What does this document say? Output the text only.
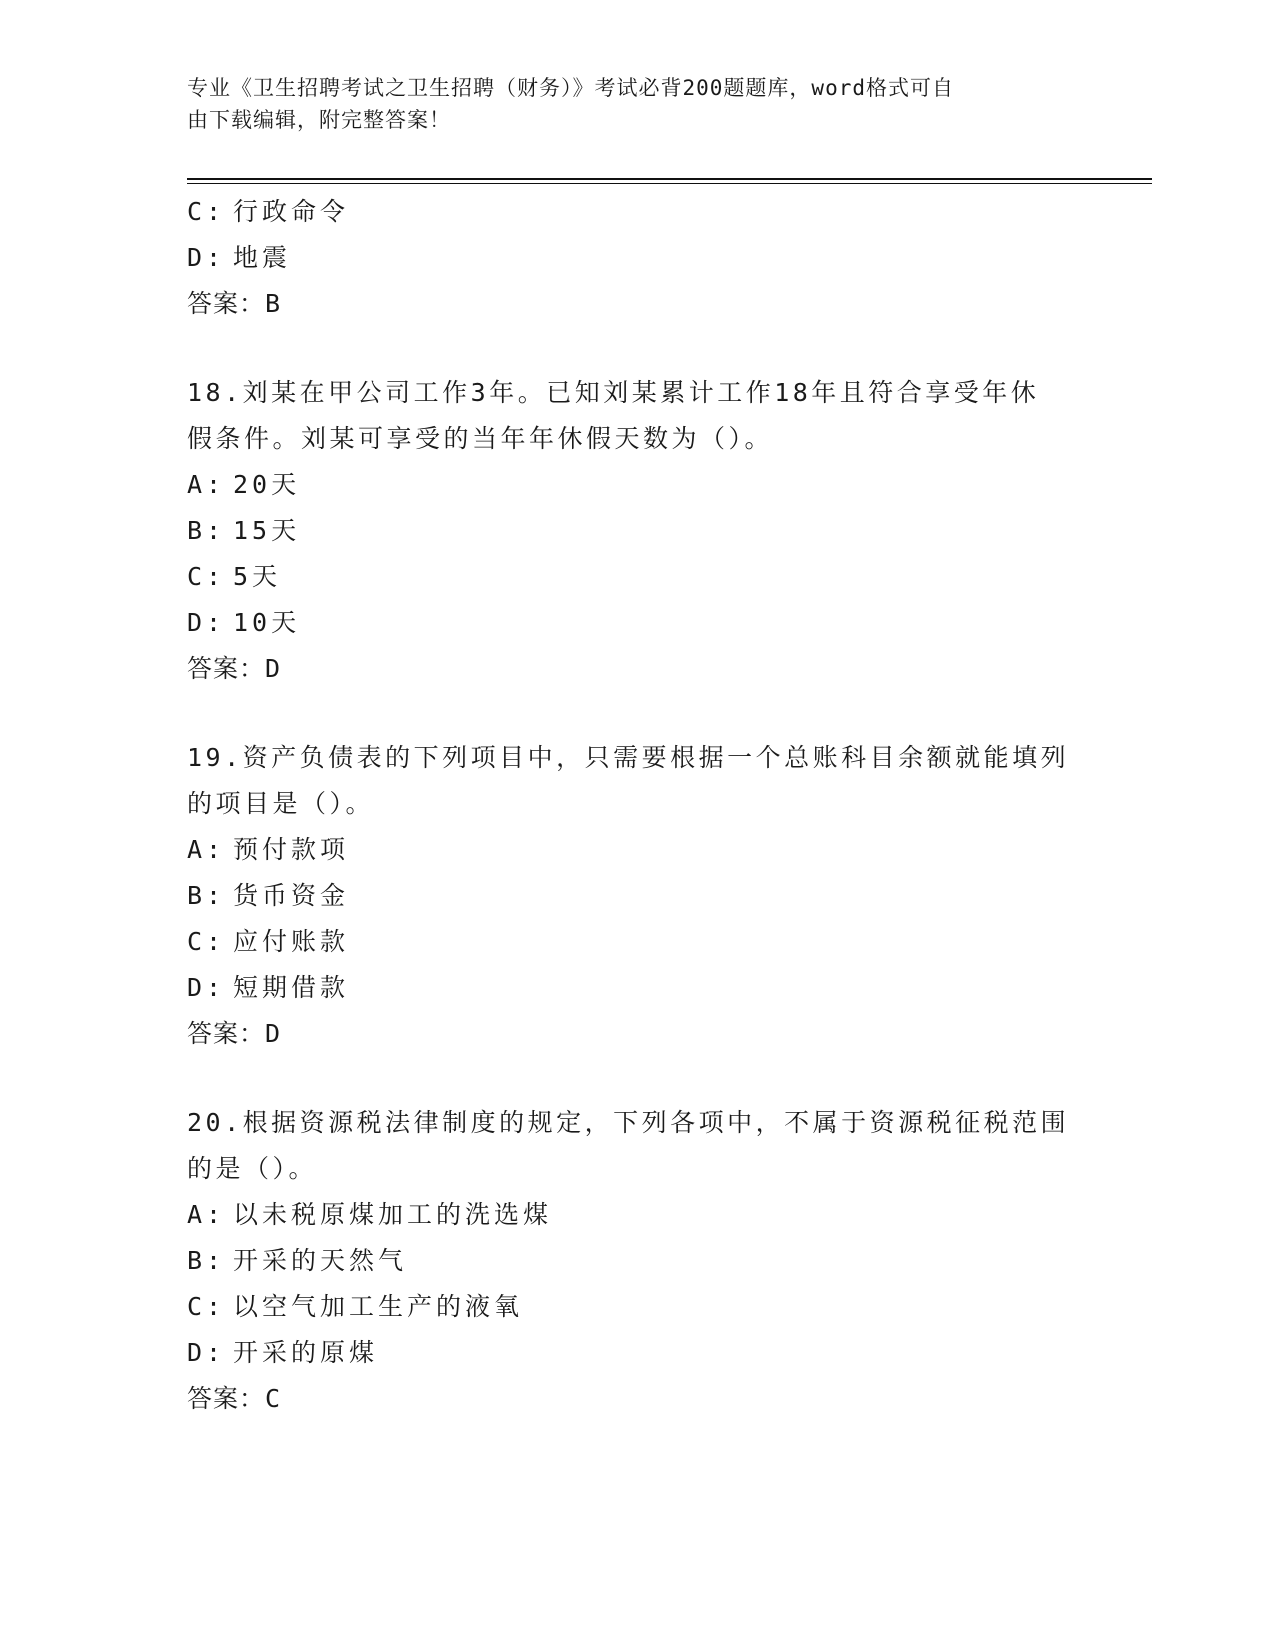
专业《卫生招聘考试之卫生招聘（财务）》考试必背200题题库，word格式可自
由下载编辑，附完整答案！
C: 行政命令
D: 地震
答案：B
18.刘某在甲公司工作3年。已知刘某累计工作18年且符合享受年休
假条件。刘某可享受的当年年休假天数为（）。
A: 20天
B: 15天
C: 5天
D: 10天
答案：D
19.资产负债表的下列项目中，只需要根据一个总账科目余额就能填列
的项目是（）。
A: 预付款项
B: 货币资金
C: 应付账款
D: 短期借款
答案：D
20.根据资源税法律制度的规定，下列各项中，不属于资源税征税范围
的是（）。
A: 以未税原煤加工的洗选煤
B: 开采的天然气
C: 以空气加工生产的液氧
D: 开采的原煤
答案：C
